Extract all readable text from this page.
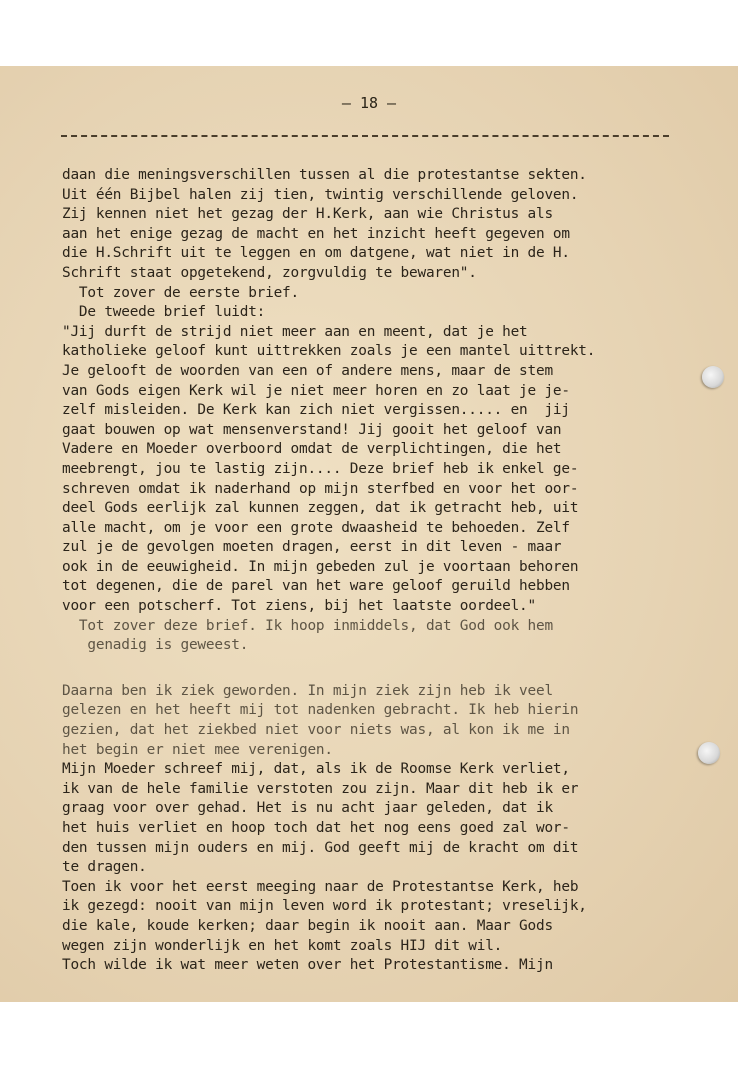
– 18 –
daan die meningsverschillen tussen al die protestantse sekten.
Uit één Bijbel halen zij tien, twintig verschillende geloven.
Zij kennen niet het gezag der H.Kerk, aan wie Christus als
aan het enige gezag de macht en het inzicht heeft gegeven om
die H.Schrift uit te leggen en om datgene, wat niet in de H.
Schrift staat opgetekend, zorgvuldig te bewaren".
Tot zover de eerste brief.
De tweede brief luidt:
"Jij durft de strijd niet meer aan en meent, dat je het
katholieke geloof kunt uittrekken zoals je een mantel uittrekt.
Je gelooft de woorden van een of andere mens, maar de stem
van Gods eigen Kerk wil je niet meer horen en zo laat je je-
zelf misleiden. De Kerk kan zich niet vergissen..... en  jij
gaat bouwen op wat mensenverstand! Jij gooit het geloof van
Vadere en Moeder overboord omdat de verplichtingen, die het
meebrengt, jou te lastig zijn.... Deze brief heb ik enkel ge-
schreven omdat ik naderhand op mijn sterfbed en voor het oor-
deel Gods eerlijk zal kunnen zeggen, dat ik getracht heb, uit
alle macht, om je voor een grote dwaasheid te behoeden. Zelf
zul je de gevolgen moeten dragen, eerst in dit leven - maar
ook in de eeuwigheid. In mijn gebeden zul je voortaan behoren
tot degenen, die de parel van het ware geloof geruild hebben
voor een potscherf. Tot ziens, bij het laatste oordeel."
Tot zover deze brief. Ik hoop inmiddels, dat God ook hem
genadig is geweest.
Daarna ben ik ziek geworden. In mijn ziek zijn heb ik veel
gelezen en het heeft mij tot nadenken gebracht. Ik heb hierin
gezien, dat het ziekbed niet voor niets was, al kon ik me in
het begin er niet mee verenigen.
Mijn Moeder schreef mij, dat, als ik de Roomse Kerk verliet,
ik van de hele familie verstoten zou zijn. Maar dit heb ik er
graag voor over gehad. Het is nu acht jaar geleden, dat ik
het huis verliet en hoop toch dat het nog eens goed zal wor-
den tussen mijn ouders en mij. God geeft mij de kracht om dit
te dragen.
Toen ik voor het eerst meeging naar de Protestantse Kerk, heb
ik gezegd: nooit van mijn leven word ik protestant; vreselijk,
die kale, koude kerken; daar begin ik nooit aan. Maar Gods
wegen zijn wonderlijk en het komt zoals HIJ dit wil.
Toch wilde ik wat meer weten over het Protestantisme. Mijn
